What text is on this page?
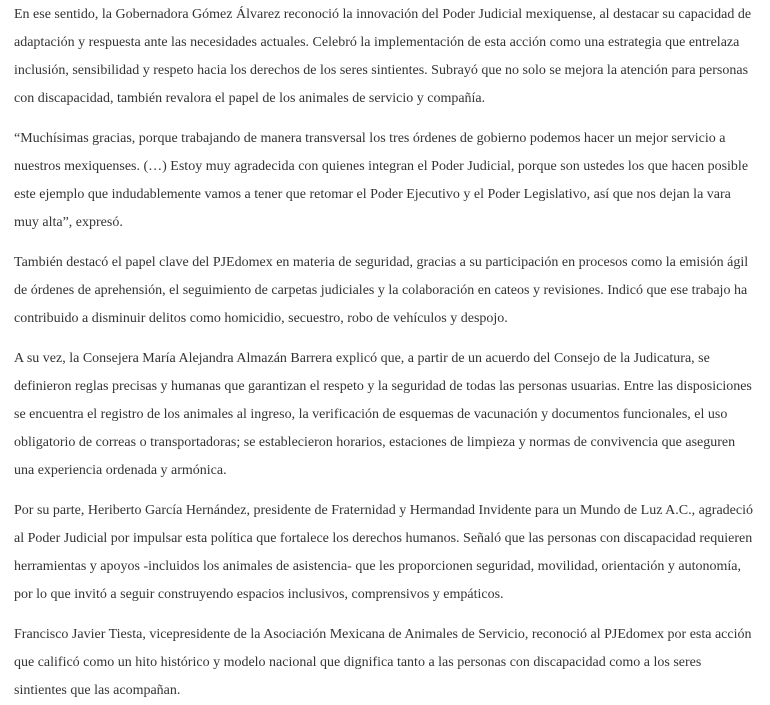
En ese sentido, la Gobernadora Gómez Álvarez reconoció la innovación del Poder Judicial mexiquense, al destacar su capacidad de adaptación y respuesta ante las necesidades actuales. Celebró la implementación de esta acción como una estrategia que entrelaza inclusión, sensibilidad y respeto hacia los derechos de los seres sintientes. Subrayó que no solo se mejora la atención para personas con discapacidad, también revalora el papel de los animales de servicio y compañía.

“Muchísimas gracias, porque trabajando de manera transversal los tres órdenes de gobierno podemos hacer un mejor servicio a nuestros mexiquenses. (…) Estoy muy agradecida con quienes integran el Poder Judicial, porque son ustedes los que hacen posible este ejemplo que indudablemente vamos a tener que retomar el Poder Ejecutivo y el Poder Legislativo, así que nos dejan la vara muy alta”, expresó.

También destacó el papel clave del PJEdomex en materia de seguridad, gracias a su participación en procesos como la emisión ágil de órdenes de aprehensión, el seguimiento de carpetas judiciales y la colaboración en cateos y revisiones. Indicó que ese trabajo ha contribuido a disminuir delitos como homicidio, secuestro, robo de vehículos y despojo.

A su vez, la Consejera María Alejandra Almazán Barrera explicó que, a partir de un acuerdo del Consejo de la Judicatura, se definieron reglas precisas y humanas que garantizan el respeto y la seguridad de todas las personas usuarias. Entre las disposiciones se encuentra el registro de los animales al ingreso, la verificación de esquemas de vacunación y documentos funcionales, el uso obligatorio de correas o transportadoras; se establecieron horarios, estaciones de limpieza y normas de convivencia que aseguren una experiencia ordenada y armónica.

Por su parte, Heriberto García Hernández, presidente de Fraternidad y Hermandad Invidente para un Mundo de Luz A.C., agradeció al Poder Judicial por impulsar esta política que fortalece los derechos humanos. Señaló que las personas con discapacidad requieren herramientas y apoyos -incluidos los animales de asistencia- que les proporcionen seguridad, movilidad, orientación y autonomía, por lo que invitó a seguir construyendo espacios inclusivos, comprensivos y empáticos.

Francisco Javier Tiesta, vicepresidente de la Asociación Mexicana de Animales de Servicio, reconoció al PJEdomex por esta acción que calificó como un hito histórico y modelo nacional que dignifica tanto a las personas con discapacidad como a los seres sintientes que las acompañan.
